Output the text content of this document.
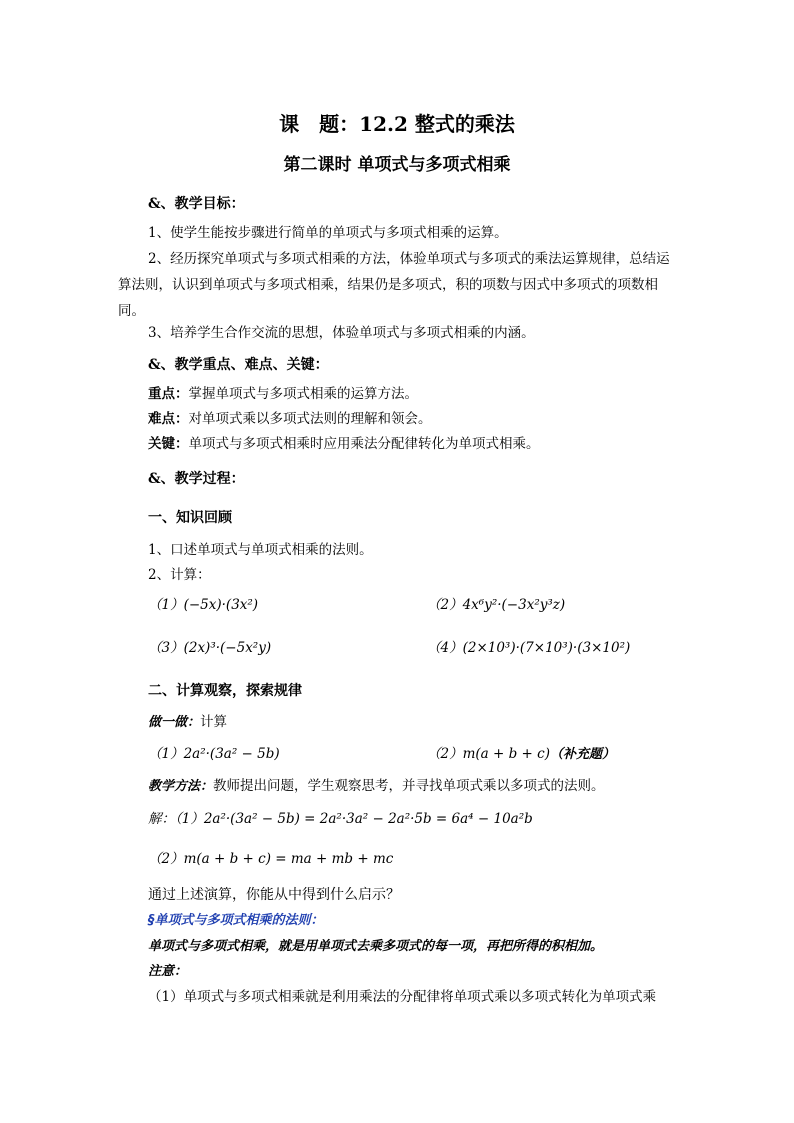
课　题：12.2 整式的乘法
第二课时 单项式与多项式相乘
&、教学目标：
1、使学生能按步骤进行简单的单项式与多项式相乘的运算。
2、经历探究单项式与多项式相乘的方法，体验单项式与多项式的乘法运算规律，总结运算法则，认识到单项式与多项式相乘，结果仍是多项式，积的项数与因式中多项式的项数相同。
3、培养学生合作交流的思想，体验单项式与多项式相乘的内涵。
&、教学重点、难点、关键：
重点：掌握单项式与多项式相乘的运算方法。
难点：对单项式乘以多项式法则的理解和领会。
关键：单项式与多项式相乘时应用乘法分配律转化为单项式相乘。
&、教学过程：
一、知识回顾
1、口述单项式与单项式相乘的法则。
2、计算：
（1）(−5x)·(3x²)	（2）4x⁶y²·(−3x²y³z)
（3）(2x)³·(−5x²y)	（4）(2×10³)·(7×10³)·(3×10²)
二、计算观察，探索规律
做一做：计算
（1）2a²·(3a² − 5b)	（2）m(a + b + c)（补充题）
教学方法：教师提出问题，学生观察思考，并寻找单项式乘以多项式的法则。
解：（1）2a²·(3a² − 5b) = 2a²·3a² − 2a²·5b = 6a⁴ − 10a²b
（2）m(a + b + c) = ma + mb + mc
通过上述演算，你能从中得到什么启示？
§单项式与多项式相乘的法则：
单项式与多项式相乘，就是用单项式去乘多项式的每一项，再把所得的积相加。
注意：
（1）单项式与多项式相乘就是利用乘法的分配律将单项式乘以多项式转化为单项式乘
